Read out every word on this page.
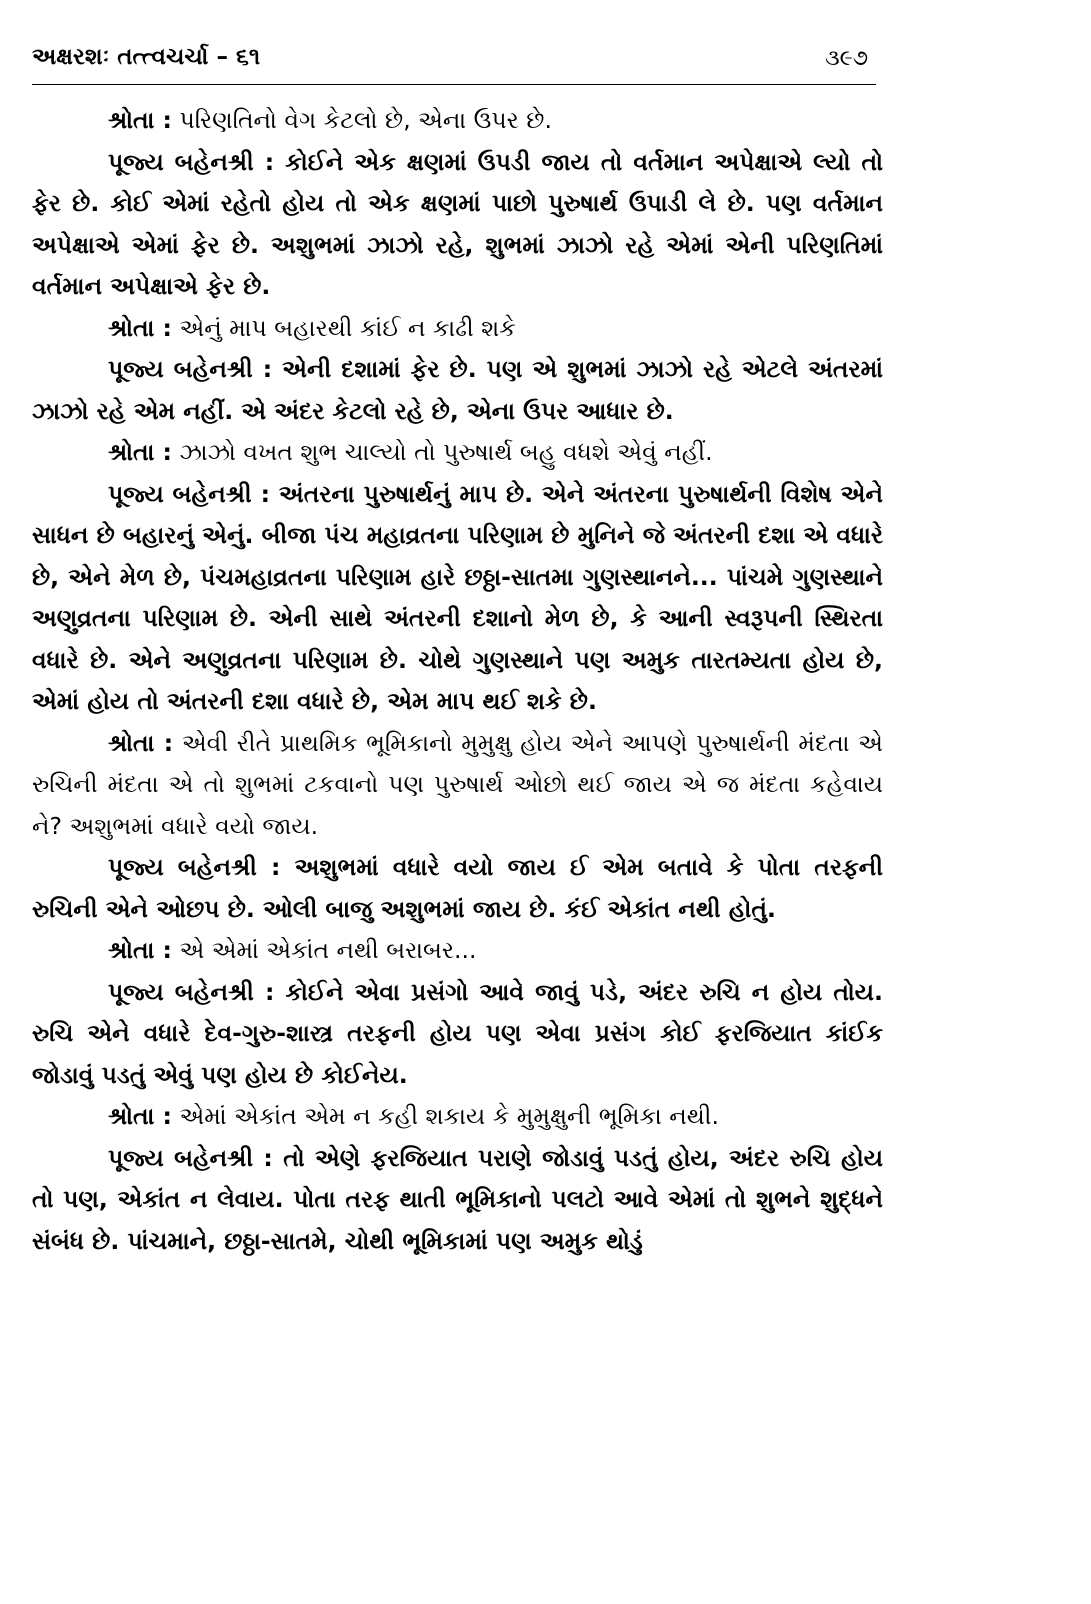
અક્ષરશઃ તત્ત્વચર્ચા – ૬૧	૩૯૭

શ્રોતા : પરિણતિનો વેગ કેટલો છે, એના ઉપર છે.

પૂજ્ય બહેનશ્રી : કોઈને એક ક્ષણમાં ઉપડી જાય તો વર્તમાન અપેક્ષાએ લ્યો તો ફેર છે. કોઈ એમાં રહેતો હોય તો એક ક્ષણમાં પાછો પુરુષાર્થ ઉપાડી લે છે. પણ વર્તમાન અપેક્ષાએ એમાં ફેર છે. અશુભમાં ઝાઝો રહે, શુભમાં ઝાઝો રહે એમાં એની પરિણતિમાં વર્તમાન અપેક્ષાએ ફેર છે.

શ્રોતા : એનું માપ બહારથી કાંઈ ન કાઢી શકે

પૂજ્ય બહેનશ્રી : એની દશામાં ફેર છે. પણ એ શુભમાં ઝાઝો રહે એટલે અંતરમાં ઝાઝો રહે એમ નહીં. એ અંદર કેટલો રહે છે, એના ઉપર આધાર છે.

શ્રોતા : ઝાઝો વખત શુભ ચાલ્યો તો પુરુષાર્થ બહુ વધશે એવું નહીં.

પૂજ્ય બહેનશ્રી : અંતરના પુરુષાર્થનું માપ છે. એને અંતરના પુરુષાર્થની વિશેષ એને સાધન છે બહારનું એનું. બીજા પંચ મહાવ્રતના પરિણામ છે મુનિને જે અંતરની દશા એ વધારે છે, એને મેળ છે, પંચમહાવ્રતના પરિણામ હારે છઠ્ઠા-સાતમા ગુણસ્થાનને... પાંચમે ગુણસ્થાને અણુવ્રતના પરિણામ છે. એની સાથે અંતરની દશાનો મેળ છે, કે આની સ્વરૂપની સ્થિરતા વધારે છે. એને અણુવ્રતના પરિણામ છે. ચોથે ગુણસ્થાને પણ અમુક તારતમ્યતા હોય છે, એમાં હોય તો અંતરની દશા વધારે છે, એમ માપ થઈ શકે છે.

શ્રોતા : એવી રીતે પ્રાથમિક ભૂમિકાનો મુમુક્ષુ હોય એને આપણે પુરુષાર્થની મંદતા એ રુચિની મંદતા એ તો શુભમાં ટકવાનો પણ પુરુષાર્થ ઓછો થઈ જાય એ જ મંદતા કહેવાય ને? અશુભમાં વધારે વયો જાય.

પૂજ્ય બહેનશ્રી : અશુભમાં વધારે વયો જાય ઈ એમ બતાવે કે પોતા તરફની રુચિની એને ઓછપ છે. ઓલી બાજુ અશુભમાં જાય છે. કંઈ એકાંત નથી હોતું.

શ્રોતા : એ એમાં એકાંત નથી બરાબર...

પૂજ્ય બહેનશ્રી : કોઈને એવા પ્રસંગો આવે જાવું પડે, અંદર રુચિ ન હોય તોય. રુચિ એને વધારે દેવ-ગુરુ-શાસ્ત્ર તરફની હોય પણ એવા પ્રસંગ કોઈ ફરજિયાત કાંઈક જોડાવું પડતું એવું પણ હોય છે કોઈનેય.

શ્રોતા : એમાં એકાંત એમ ન કહી શકાય કે મુમુક્ષુની ભૂમિકા નથી.

પૂજ્ય બહેનશ્રી : તો એણે ફરજિયાત પરાણે જોડાવું પડતું હોય, અંદર રુચિ હોય તો પણ, એકાંત ન લેવાય. પોતા તરફ થાતી ભૂમિકાનો પલટો આવે એમાં તો શુભને શુદ્ધને સંબંધ છે. પાંચમાને, છઠ્ઠા-સાતમે, ચોથી ભૂમિકામાં પણ અમુક થોડું
